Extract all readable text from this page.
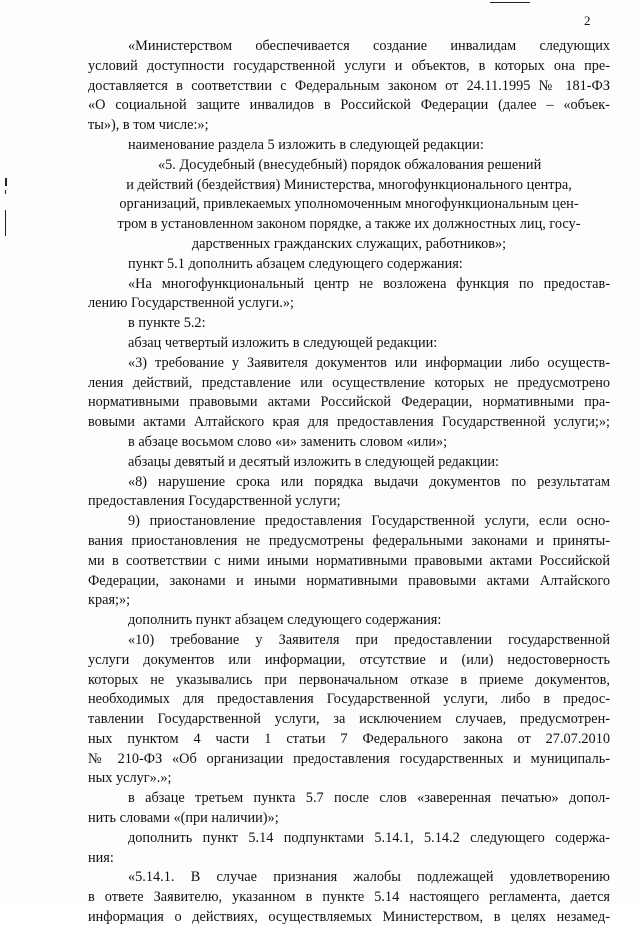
2
«Министерством обеспечивается создание инвалидам следующих
условий доступности государственной услуги и объектов, в которых она пре-
доставляется в соответствии с Федеральным законом от 24.11.1995 № 181-ФЗ
«О социальной защите инвалидов в Российской Федерации (далее – «объек-
ты»), в том числе:»;
наименование раздела 5 изложить в следующей редакции:
«5. Досудебный (внесудебный) порядок обжалования решений
и действий (бездействия) Министерства, многофункционального центра,
организаций, привлекаемых уполномоченным многофункциональным цен-
тром в установленном законом порядке, а также их должностных лиц, госу-
дарственных гражданских служащих, работников»;
пункт 5.1 дополнить абзацем следующего содержания:
«На многофункциональный центр не возложена функция по предостав-
лению Государственной услуги.»;
в пункте 5.2:
абзац четвертый изложить в следующей редакции:
«3) требование у Заявителя документов или информации либо осуществ-
ления действий, представление или осуществление которых не предусмотрено
нормативными правовыми актами Российской Федерации, нормативными пра-
вовыми актами Алтайского края для предоставления Государственной услуги;»;
в абзаце восьмом слово «и» заменить словом «или»;
абзацы девятый и десятый изложить в следующей редакции:
«8) нарушение срока или порядка выдачи документов по результатам
предоставления Государственной услуги;
9) приостановление предоставления Государственной услуги, если осно-
вания приостановления не предусмотрены федеральными законами и приняты-
ми в соответствии с ними иными нормативными правовыми актами Российской
Федерации, законами и иными нормативными правовыми актами Алтайского
края;»;
дополнить пункт абзацем следующего содержания:
«10) требование у Заявителя при предоставлении государственной
услуги документов или информации, отсутствие и (или) недостоверность
которых не указывались при первоначальном отказе в приеме документов,
необходимых для предоставления Государственной услуги, либо в предос-
тавлении Государственной услуги, за исключением случаев, предусмотрен-
ных пунктом 4 части 1 статьи 7 Федерального закона от 27.07.2010
№ 210-ФЗ «Об организации предоставления государственных и муниципаль-
ных услуг».»;
в абзаце третьем пункта 5.7 после слов «заверенная печатью» допол-
нить словами «(при наличии)»;
дополнить пункт 5.14 подпунктами 5.14.1, 5.14.2 следующего содержа-
ния:
«5.14.1. В случае признания жалобы подлежащей удовлетворению
в ответе Заявителю, указанном в пункте 5.14 настоящего регламента, дается
информация о действиях, осуществляемых Министерством, в целях незамед-
